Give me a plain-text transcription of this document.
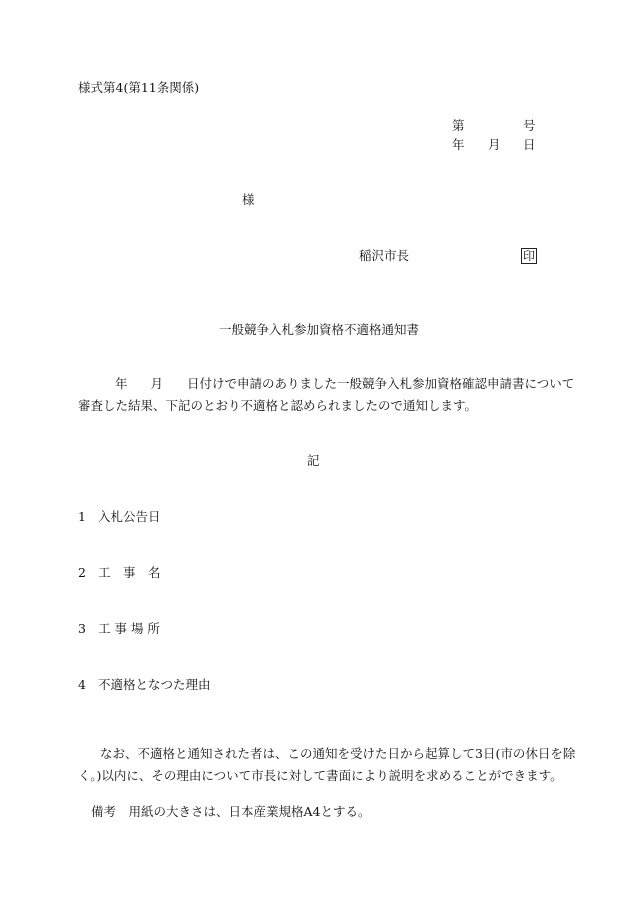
様式第4(第11条関係)
第	号
年 月 日
様
稲沢市長	印
一般競争入札参加資格不適格通知書
年 月 日付けで申請のありました一般競争入札参加資格確認申請書について
審査した結果、下記のとおり不適格と認められましたので通知します。
記
1 入札公告日
2 工　事　名
3 工 事 場 所
4 不適格となつた理由
なお、不適格と通知された者は、この通知を受けた日から起算して3日(市の休日を除
く。)以内に、その理由について市長に対して書面により説明を求めることができます。
備考　用紙の大きさは、日本産業規格A4とする。
